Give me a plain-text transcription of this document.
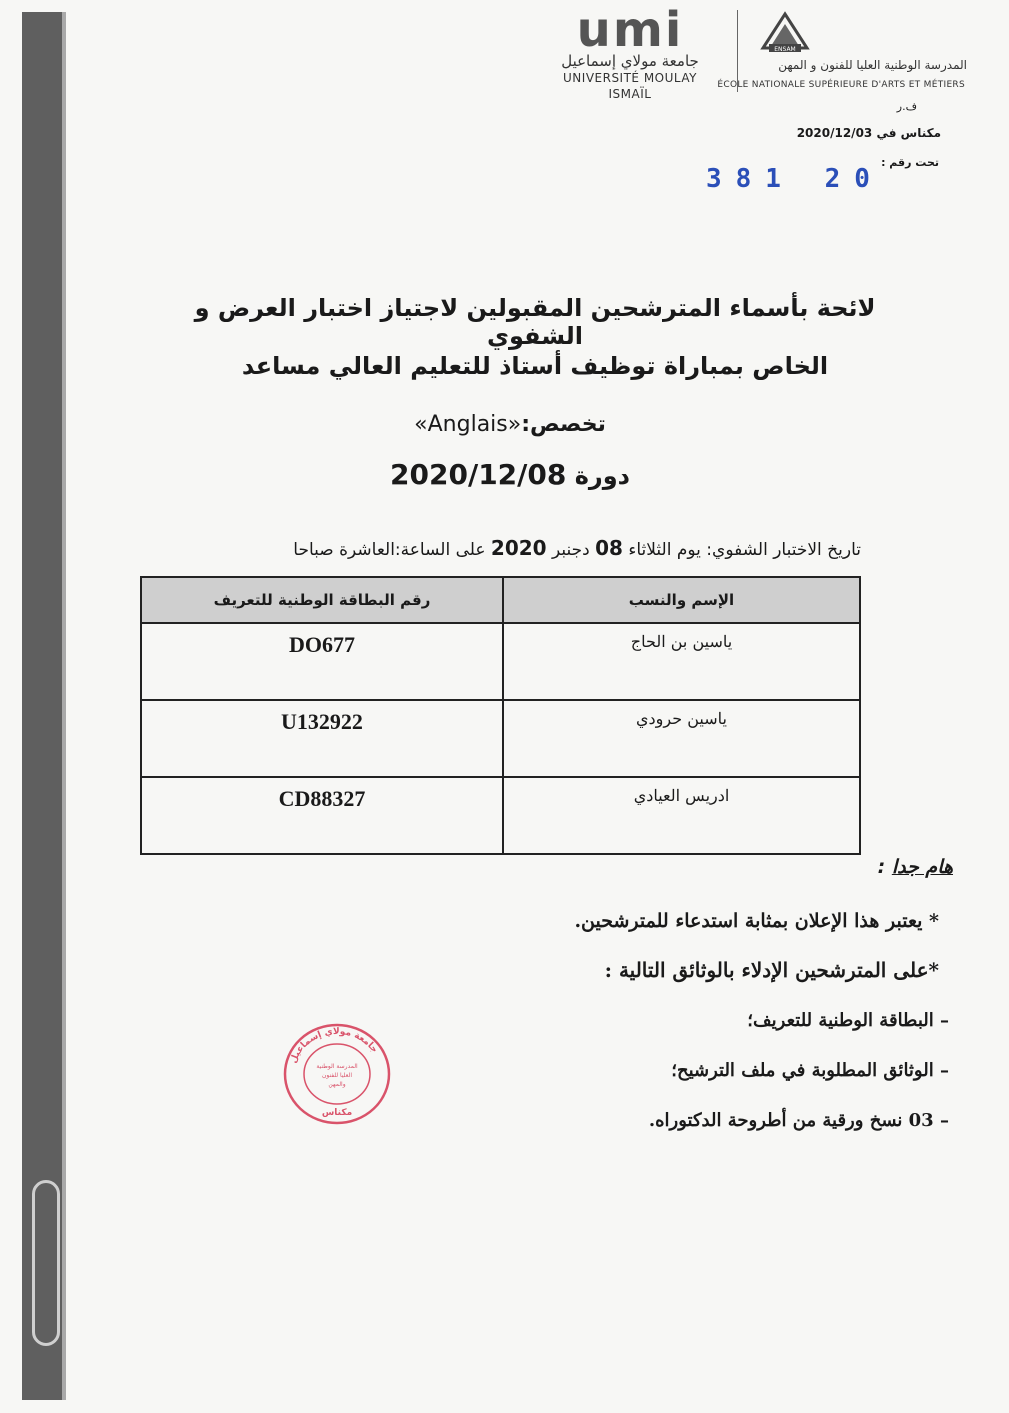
umi
جامعة مولاي إسماعيل
UNIVERSITÉ MOULAY ISMAÏL
ENSAM
المدرسة الوطنية العليا للفنون و المهن
ÉCOLE NATIONALE SUPÉRIEURE D'ARTS ET MÉTIERS
ف.ر
مكناس في 2020/12/03
تحت رقم :
381 20
لائحة بأسماء المترشحين المقبولين لاجتياز اختبار العرض و الشفوي
الخاص بمباراة توظيف أستاذ للتعليم العالي مساعد
«Anglais»تخصص:
2020/12/08 دورة
تاريخ الاختبار الشفوي: يوم الثلاثاء 08 دجنبر 2020 على الساعة:العاشرة صباحا
رقم البطاقة الوطنية للتعريف	الإسم والنسب
DO677	ياسين بن الحاج
U132922	ياسين حرودي
CD88327	ادريس العيادي
هام جدا :
* يعتبر هذا الإعلان بمثابة استدعاء للمترشحين.
*على المترشحين الإدلاء بالوثائق التالية :
– البطاقة الوطنية للتعريف؛
– الوثائق المطلوبة في ملف الترشيح؛
– 03 نسخ ورقية من أطروحة الدكتوراه.
جامعة مولاي إسماعيل
المدرسة الوطنية
العليا للفنون
والمهن
مكناس
